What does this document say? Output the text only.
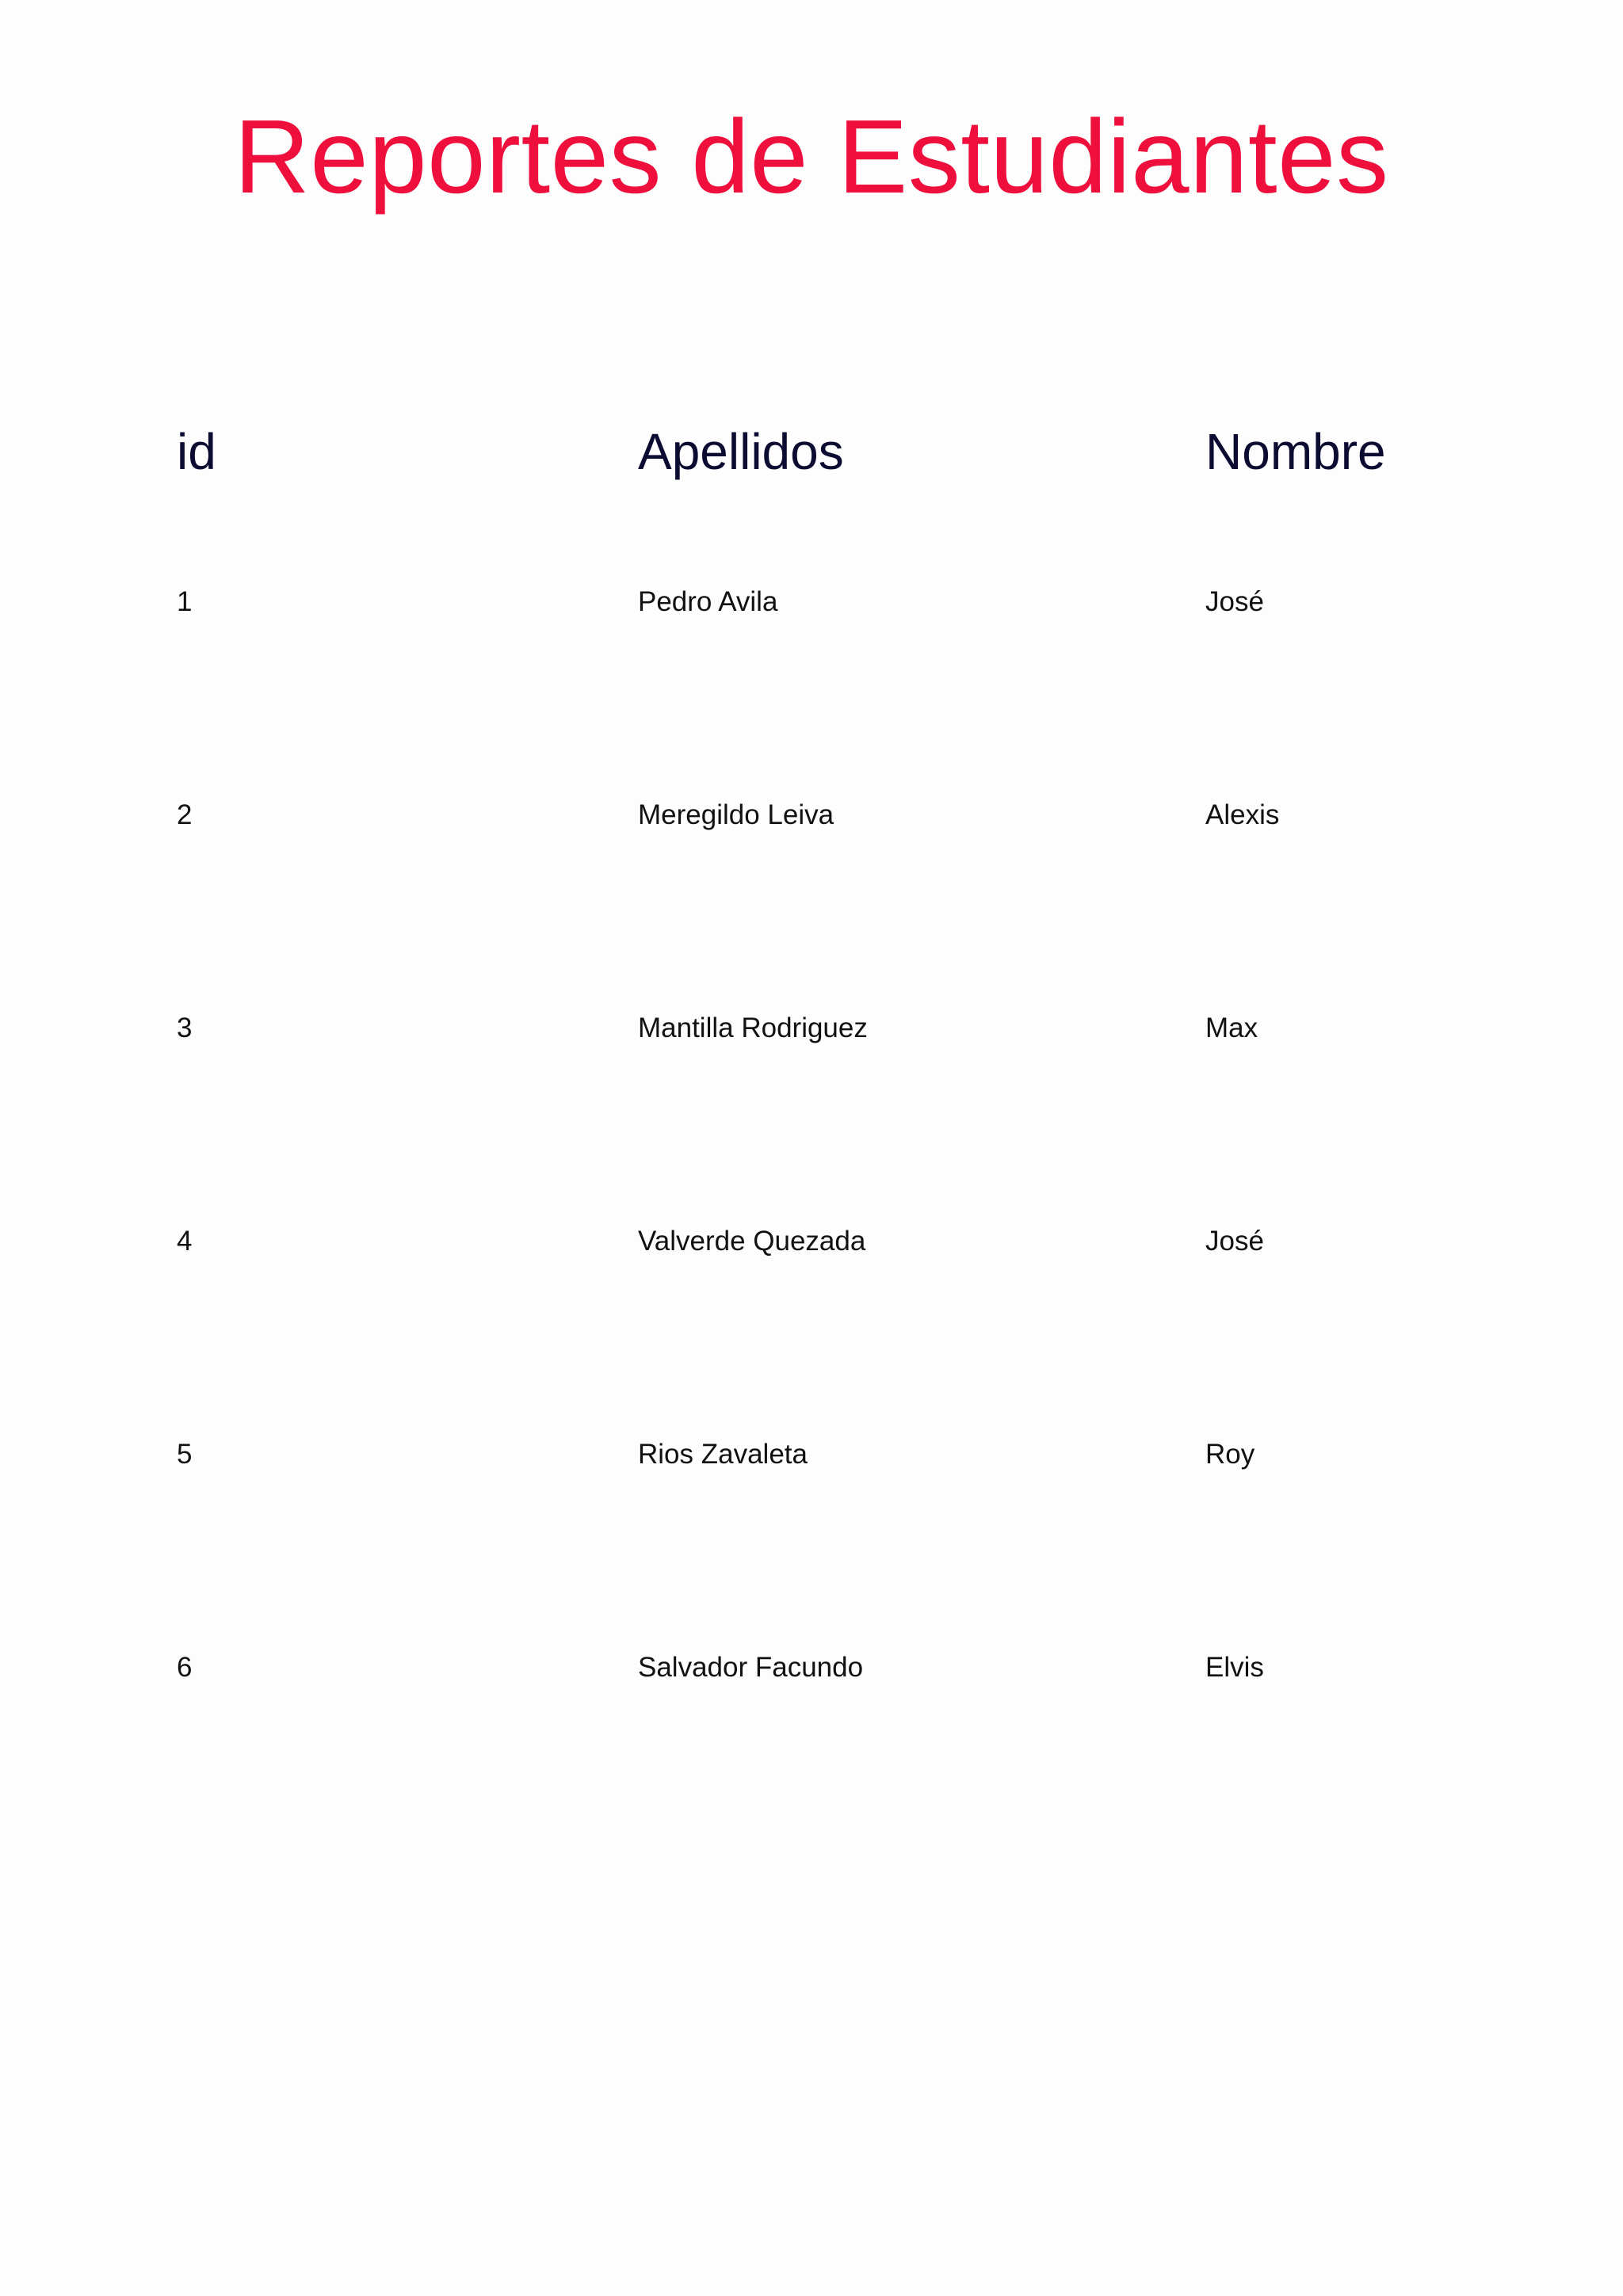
Reportes de Estudiantes
id	Apellidos	Nombre
1	Pedro Avila	José
2	Meregildo Leiva	Alexis
3	Mantilla Rodriguez	Max
4	Valverde Quezada	José
5	Rios Zavaleta	Roy
6	Salvador Facundo	Elvis
